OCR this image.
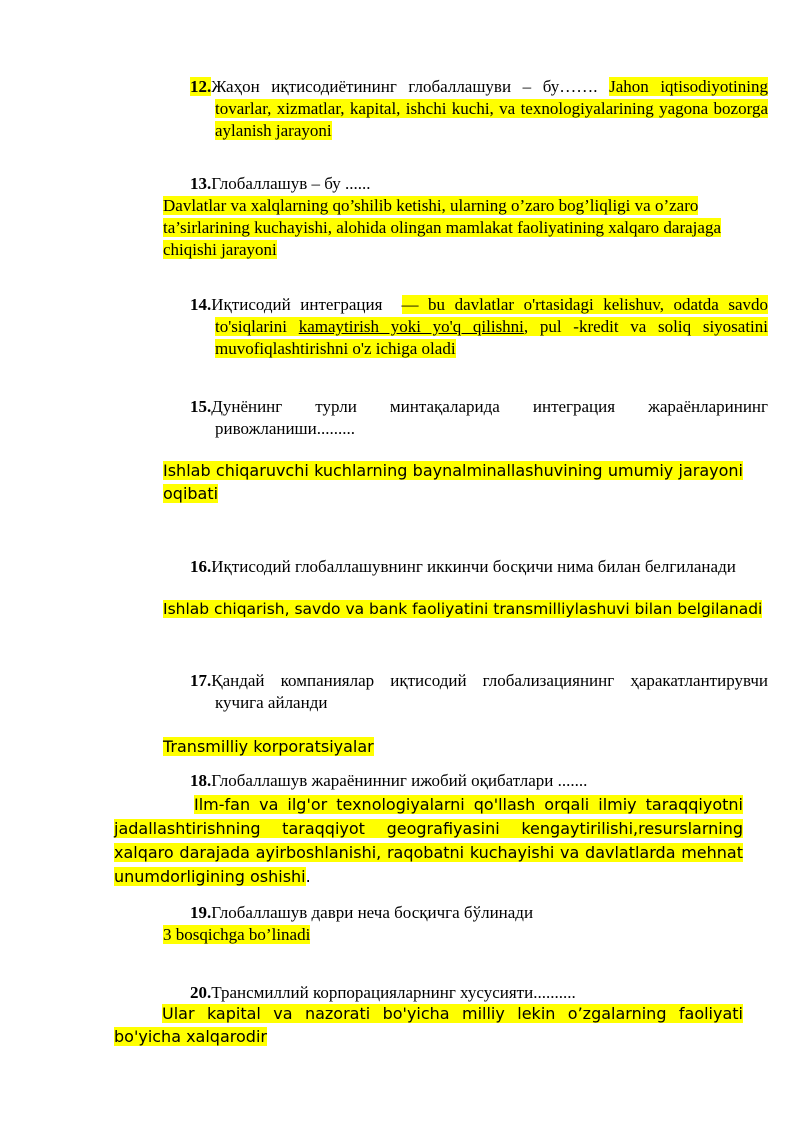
12.Жаҳон иқтисодиётининг глобаллашуви – бу……. Jahon iqtisodiyotining tovarlar, xizmatlar, kapital, ishchi kuchi, va texnologiyalarining yagona bozorga aylanish jarayoni
13.Глобаллашув – бу ......
Davlatlar va xalqlarning qo’shilib ketishi, ularning o’zaro bog’liqligi va o’zaro ta’sirlarining kuchayishi, alohida olingan mamlakat faoliyatining xalqaro darajaga chiqishi jarayoni
14.Иқтисодий интеграция — bu davlatlar o'rtasidagi kelishuv, odatda savdo to'siqlarini kamaytirish yoki yo'q qilishni, pul -kredit va soliq siyosatini muvofiqlashtirishni o'z ichiga oladi
15.Дунёнинг турли минтақаларида интеграция жараёнларининг ривожланиши.........
Ishlab chiqaruvchi kuchlarning baynalminallashuvining umumiy jarayoni oqibati
16.Иқтисодий глобаллашувнинг иккинчи босқичи нима билан белгиланади
Ishlab chiqarish, savdo va bank faoliyatini transmilliylashuvi bilan belgilanadi
17.Қандай компаниялар иқтисодий глобализациянинг ҳаракатлантирувчи кучига айланди
Transmilliy korporatsiyalar
18.Глобаллашув жараёнинниг ижобий оқибатлари .......
Ilm-fan va ilg'or texnologiyalarni qo'llash orqali ilmiy taraqqiyotni jadallashtirishning taraqqiyot geografiyasini kengaytirilishi,resurslarning xalqaro darajada ayirboshlanishi, raqobatni kuchayishi va davlatlarda mehnat unumdorligining oshishi.
19.Глобаллашув даври неча босқичга бўлинади
3 bosqichga bo’linadi
20.Трансмиллий корпорацияларнинг хусусияти..........
Ular kapital va nazorati bo'yicha milliy lekin o’zgalarning faoliyati bo'yicha xalqarodir
